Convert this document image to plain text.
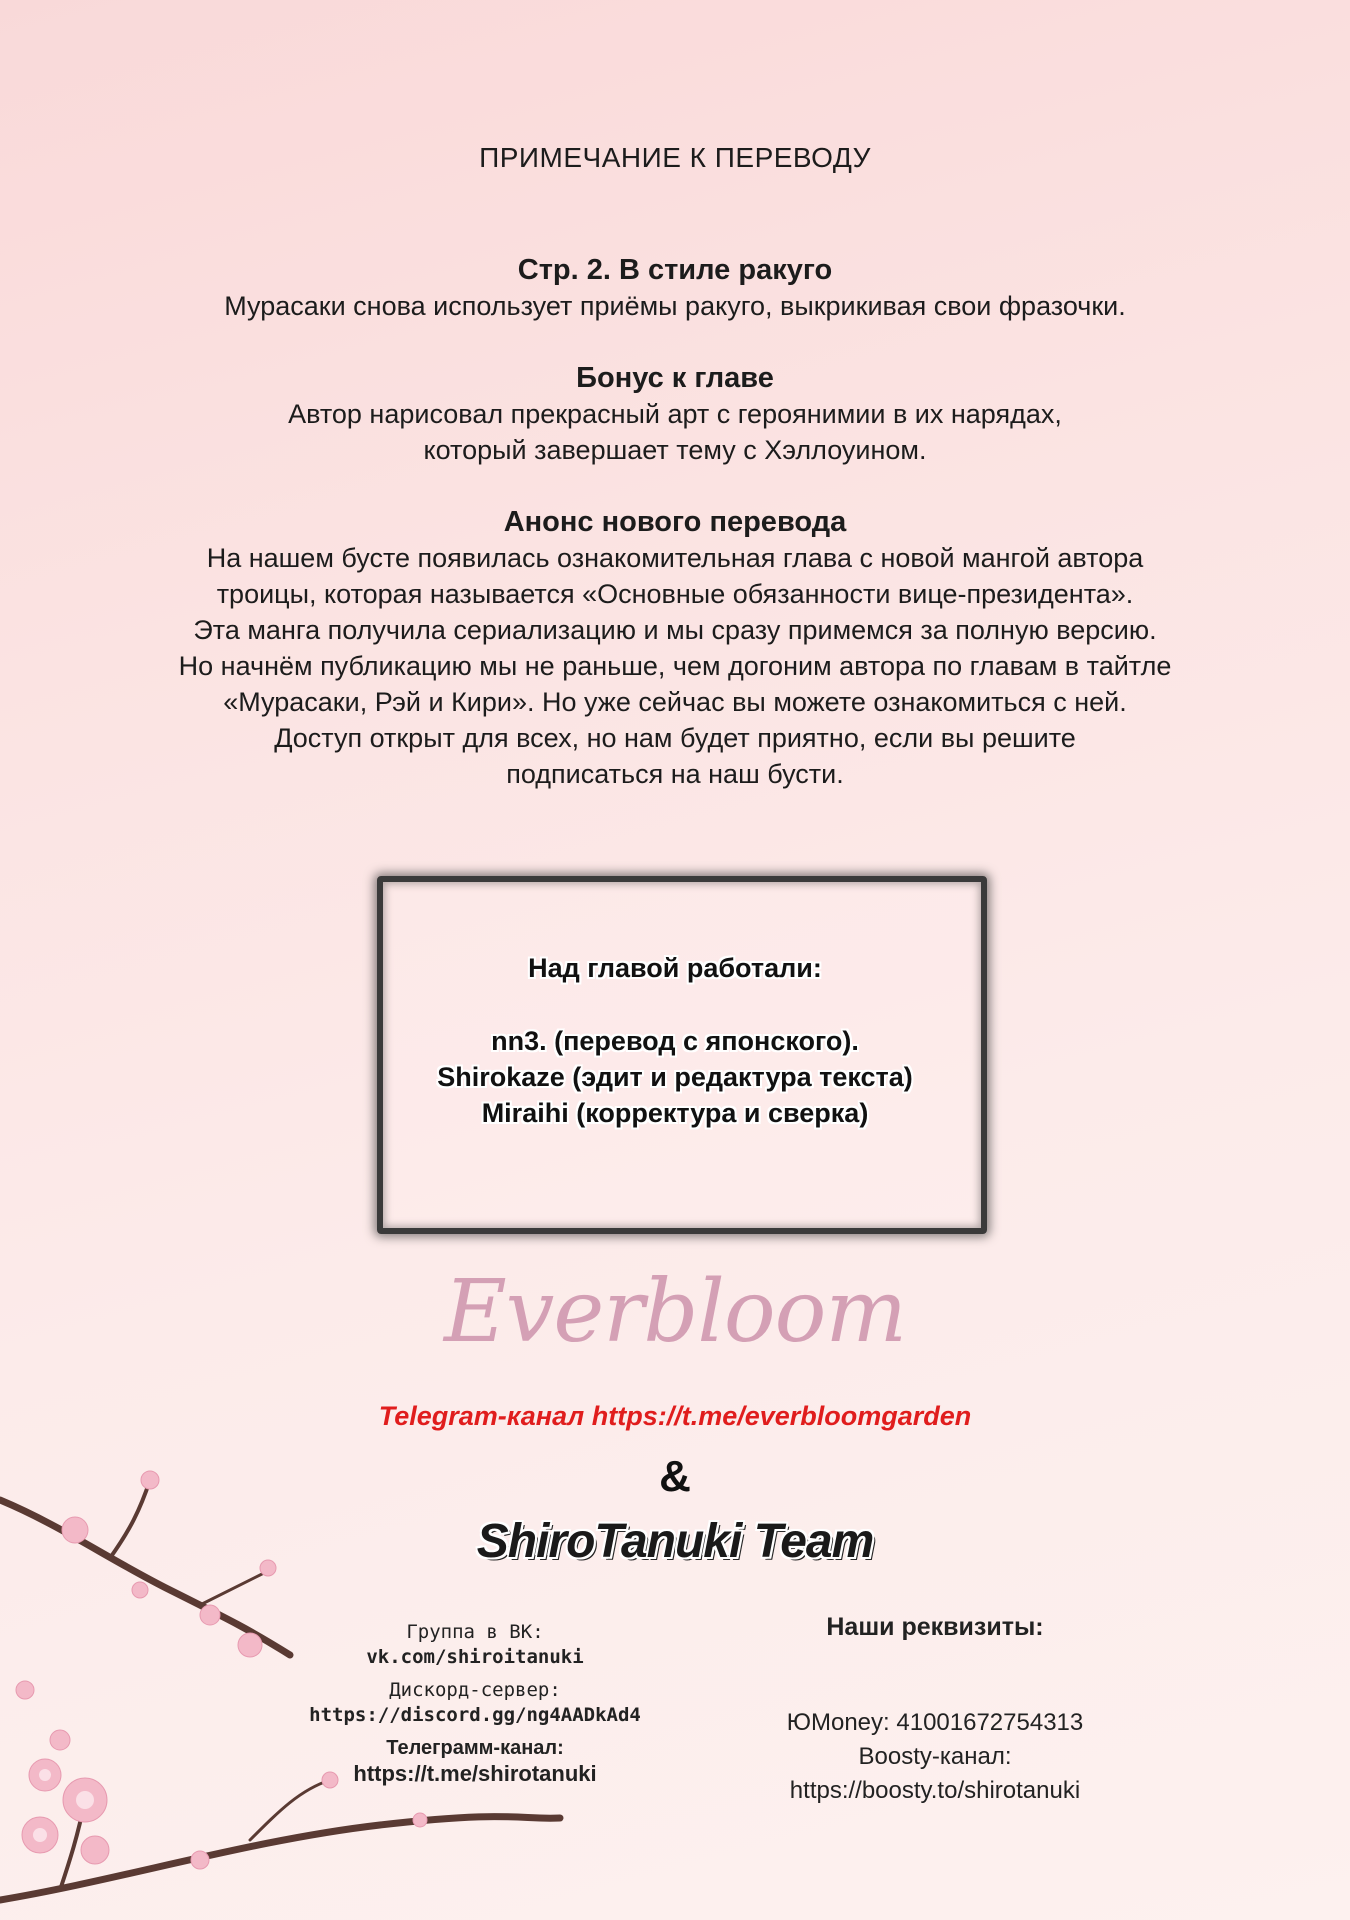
ПРИМЕЧАНИЕ К ПЕРЕВОДУ

Стр. 2. В стиле ракуго

Мурасаки снова использует приёмы ракуго, выкрикивая свои фразочки.

Бонус к главе

Автор нарисовал прекрасный арт с героянимии в их нарядах,

который завершает тему с Хэллоуином.

Анонс нового перевода

На нашем бусте появилась ознакомительная глава с новой мангой автора

троицы, которая называется «Основные обязанности вице-президента».

Эта манга получила сериализацию и мы сразу примемся за полную версию.

Но начнём публикацию мы не раньше, чем догоним автора по главам в тайтле

«Мурасаки, Рэй и Кири». Но уже сейчас вы можете ознакомиться с ней.

Доступ открыт для всех, но нам будет приятно, если вы решите

подписаться на наш бусти.

Над главой работали:
nn3. (перевод с японского).
Shirokaze (эдит и редактура текста)
Miraihi (корректура и сверка)
Everbloom
Telegram-канал https://t.me/everbloomgarden
&
ShiroTanuki Team
Группа в ВК:
vk.com/shiroitanuki
Дискорд-сервер:
https://discord.gg/ng4AADkAd4
Телеграмм-канал:
https://t.me/shirotanuki
Наши реквизиты:
ЮMoney: 41001672754313
Boosty-канал:
https://boosty.to/shirotanuki
